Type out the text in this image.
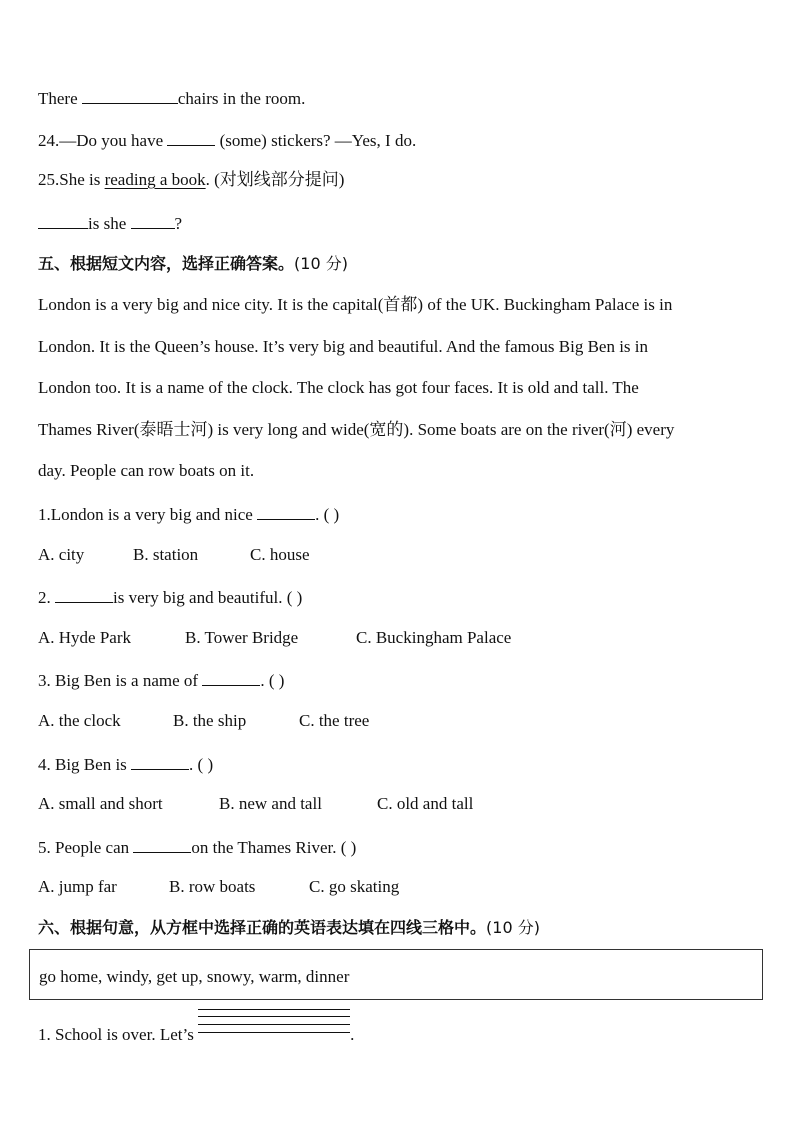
There	chairs in the room.
24.—Do you have	(some) stickers? —Yes, I do.
25.She is reading a book. (对划线部分提问)
is she	?
五、根据短文内容，选择正确答案。(10 分)
London is a very big and nice city. It is the capital(首都) of the UK. Buckingham Palace is in
London. It is the Queen’s house. It’s very big and beautiful. And the famous Big Ben is in
London too. It is a name of the clock. The clock has got four faces. It is old and tall. The
Thames River(泰晤士河) is very long and wide(宽的). Some boats are on the river(河) every
day. People can row boats on it.
1.London is a very big and nice	. ( )
A. city	B. station	C. house
2.	is very big and beautiful. ( )
A. Hyde Park	B. Tower Bridge	C. Buckingham Palace
3. Big Ben is a name of	. ( )
A. the clock	B. the ship	C. the tree
4. Big Ben is	. ( )
A. small and short	B. new and tall	C. old and tall
5. People can	on the Thames River. ( )
A. jump far	B. row boats	C. go skating
六、根据句意，从方框中选择正确的英语表达填在四线三格中。(10 分)
go home, windy, get up, snowy, warm, dinner
1. School is over. Let’s	.
